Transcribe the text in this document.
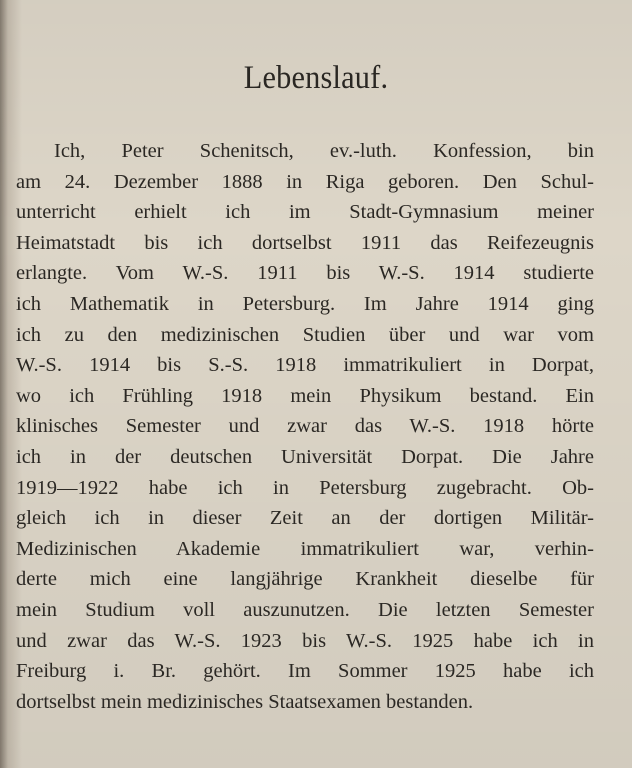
Lebenslauf.
Ich, Peter Schenitsch, ev.-luth. Konfession, bin
am 24. Dezember 1888 in Riga geboren. Den Schul-
unterricht erhielt ich im Stadt-Gymnasium meiner
Heimatstadt bis ich dortselbst 1911 das Reifezeugnis
erlangte. Vom W.-S. 1911 bis W.-S. 1914 studierte
ich Mathematik in Petersburg. Im Jahre 1914 ging
ich zu den medizinischen Studien über und war vom
W.-S. 1914 bis S.-S. 1918 immatrikuliert in Dorpat,
wo ich Frühling 1918 mein Physikum bestand. Ein
klinisches Semester und zwar das W.-S. 1918 hörte
ich in der deutschen Universität Dorpat. Die Jahre
1919—1922 habe ich in Petersburg zugebracht. Ob-
gleich ich in dieser Zeit an der dortigen Militär-
Medizinischen Akademie immatrikuliert war, verhin-
derte mich eine langjährige Krankheit dieselbe für
mein Studium voll auszunutzen. Die letzten Semester
und zwar das W.-S. 1923 bis W.-S. 1925 habe ich in
Freiburg i. Br. gehört. Im Sommer 1925 habe ich
dortselbst mein medizinisches Staatsexamen bestanden.
